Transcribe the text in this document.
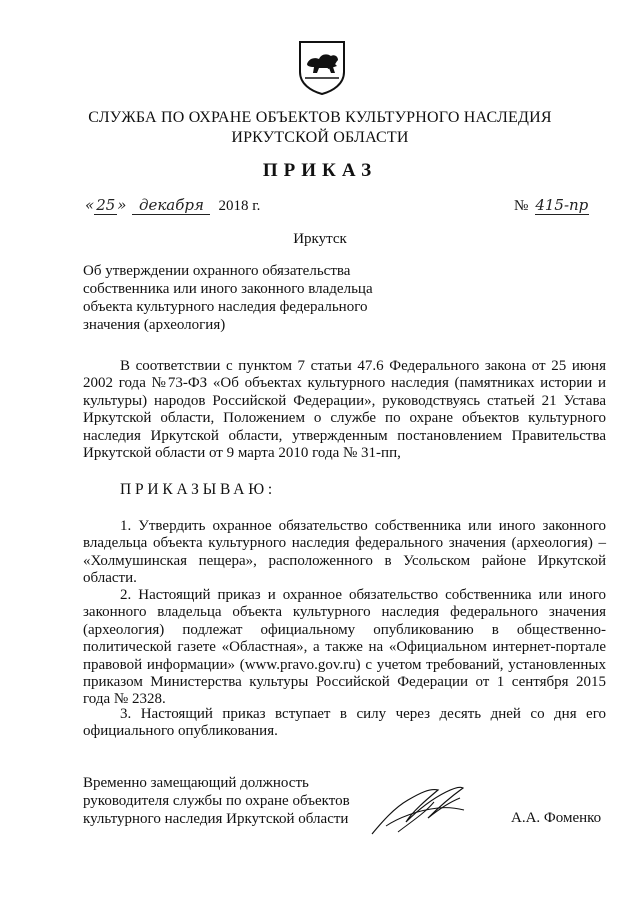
СЛУЖБА ПО ОХРАНЕ ОБЪЕКТОВ КУЛЬТУРНОГО НАСЛЕДИЯ
ИРКУТСКОЙ ОБЛАСТИ
ПРИКАЗ
« 25 » декабря 2018 г.	№ 415-пр
Иркутск
Об утверждении охранного обязательства
собственника или иного законного владельца
объекта культурного наследия федерального
значения (археология)

В соответствии с пунктом 7 статьи 47.6 Федерального закона от 25 июня 2002 года №73-ФЗ «Об объектах культурного наследия (памятниках истории и культуры) народов Российской Федерации», руководствуясь статьей 21 Устава Иркутской области, Положением о службе по охране объектов культурного наследия Иркутской области, утвержденным постановлением Правительства Иркутской области от 9 марта 2010 года № 31-пп,

ПРИКАЗЫВАЮ:

1. Утвердить охранное обязательство собственника или иного законного владельца объекта культурного наследия федерального значения (археология) – «Холмушинская пещера», расположенного в Усольском районе Иркутской области.

2. Настоящий приказ и охранное обязательство собственника или иного законного владельца объекта культурного наследия федерального значения (археология) подлежат официальному опубликованию в общественно-политической газете «Областная», а также на «Официальном интернет-портале правовой информации» (www.pravo.gov.ru) с учетом требований, установленных приказом Министерства культуры Российской Федерации от 1 сентября 2015 года № 2328.

3. Настоящий приказ вступает в силу через десять дней со дня его официального опубликования.

Временно замещающий должность
руководителя службы по охране объектов
культурного наследия Иркутской области	А.А. Фоменко
